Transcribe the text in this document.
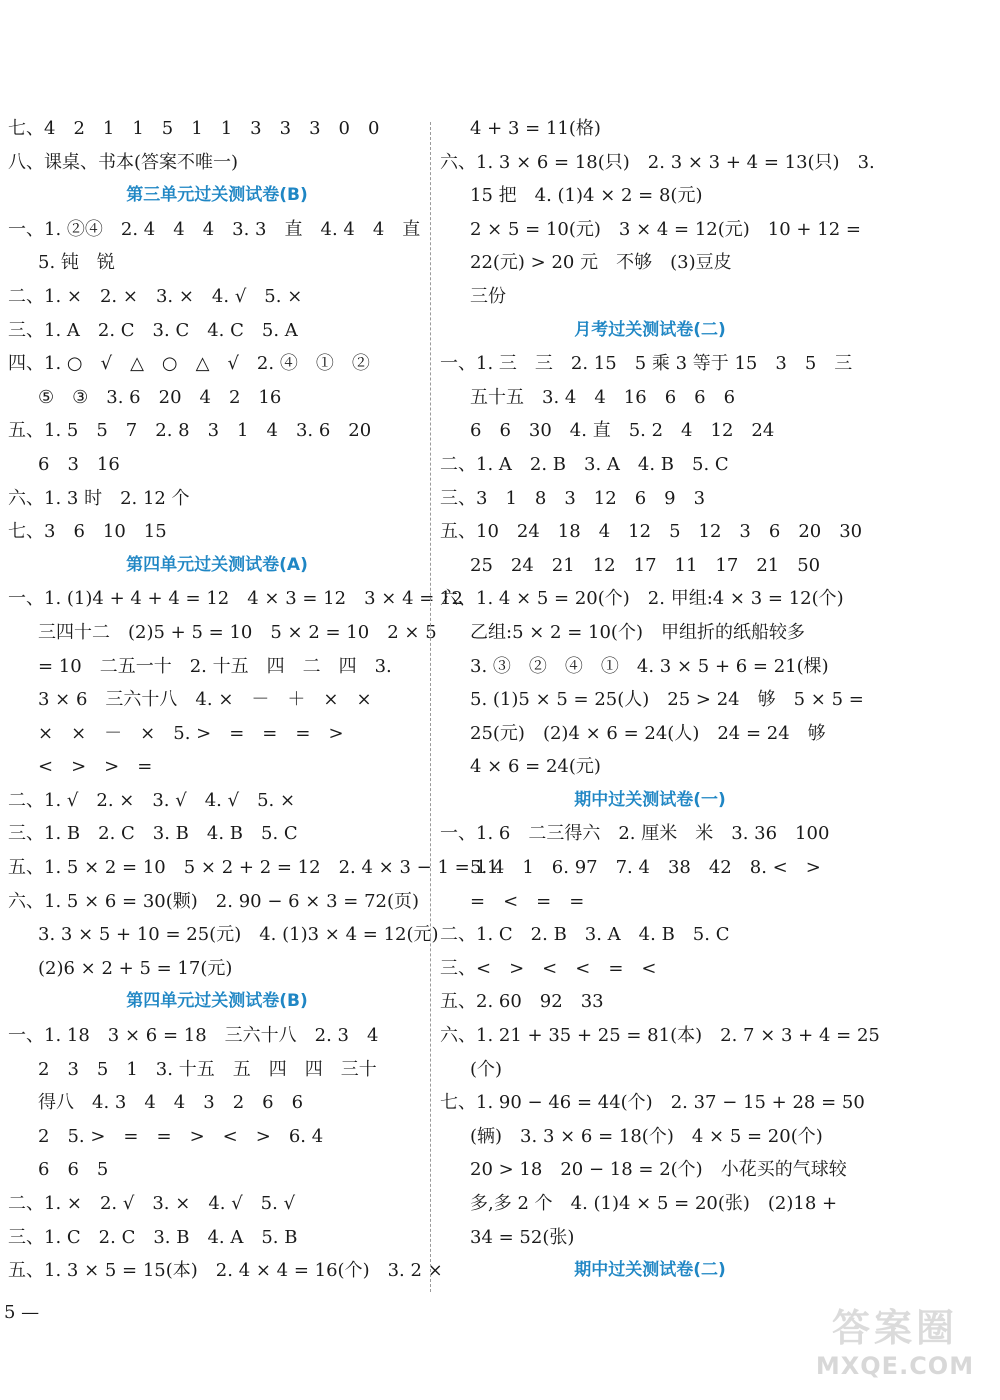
七、4　2　1　1　5　1　1　3　3　3　0　0
八、课桌、书本(答案不唯一)
第三单元过关测试卷(B)
一、1. ②④　2. 4　4　4　3. 3　直　4. 4　4　直
5. 钝　锐
二、1. ×　2. ×　3. ×　4. √　5. ×
三、1. A　2. C　3. C　4. C　5. A
四、1. ○　√　△　○　△　√　2. ④　①　②
⑤　③　3. 6　20　4　2　16
五、1. 5　5　7　2. 8　3　1　4　3. 6　20
6　3　16
六、1. 3 时　2. 12 个
七、3　6　10　15
第四单元过关测试卷(A)
一、1. (1)4 + 4 + 4 = 12　4 × 3 = 12　3 × 4 = 12
三四十二　(2)5 + 5 = 10　5 × 2 = 10　2 × 5
= 10　二五一十　2. 十五　四　二　四　3.
3 × 6　三六十八　4. ×　－　＋　×　×
×　×　－　×　5. >　=　=　=　>
<　>　>　=
二、1. √　2. ×　3. √　4. √　5. ×
三、1. B　2. C　3. B　4. B　5. C
五、1. 5 × 2 = 10　5 × 2 + 2 = 12　2. 4 × 3 − 1 = 11
六、1. 5 × 6 = 30(颗)　2. 90 − 6 × 3 = 72(页)
3. 3 × 5 + 10 = 25(元)　4. (1)3 × 4 = 12(元)
(2)6 × 2 + 5 = 17(元)
第四单元过关测试卷(B)
一、1. 18　3 × 6 = 18　三六十八　2. 3　4
2　3　5　1　3. 十五　五　四　四　三十
得八　4. 3　4　4　3　2　6　6
2　5. >　=　=　>　<　>　6. 4
6　6　5
二、1. ×　2. √　3. ×　4. √　5. √
三、1. C　2. C　3. B　4. A　5. B
五、1. 3 × 5 = 15(本)　2. 4 × 4 = 16(个)　3. 2 ×
4 + 3 = 11(格)
六、1. 3 × 6 = 18(只)　2. 3 × 3 + 4 = 13(只)　3.
15 把　4. (1)4 × 2 = 8(元)
2 × 5 = 10(元)　3 × 4 = 12(元)　10 + 12 =
22(元) > 20 元　不够　(3)豆皮
三份
月考过关测试卷(二)
一、1. 三　三　2. 15　5 乘 3 等于 15　3　5　三
五十五　3. 4　4　16　6　6　6
6　6　30　4. 直　5. 2　4　12　24
二、1. A　2. B　3. A　4. B　5. C
三、3　1　8　3　12　6　9　3
五、10　24　18　4　12　5　12　3　6　20　30
25　24　21　12　17　11　17　21　50
六、1. 4 × 5 = 20(个)　2. 甲组:4 × 3 = 12(个)
乙组:5 × 2 = 10(个)　甲组折的纸船较多
3. ③　②　④　①　4. 3 × 5 + 6 = 21(棵)
5. (1)5 × 5 = 25(人)　25 > 24　够　5 × 5 =
25(元)　(2)4 × 6 = 24(人)　24 = 24　够
4 × 6 = 24(元)
期中过关测试卷(一)
一、1. 6　二三得六　2. 厘米　米　3. 36　100
5. 4　1　6. 97　7. 4　38　42　8. <　>
=　<　=　=
二、1. C　2. B　3. A　4. B　5. C
三、<　>　<　<　=　<
五、2. 60　92　33
六、1. 21 + 35 + 25 = 81(本)　2. 7 × 3 + 4 = 25
(个)
七、1. 90 − 46 = 44(个)　2. 37 − 15 + 28 = 50
(辆)　3. 3 × 6 = 18(个)　4 × 5 = 20(个)
20 > 18　20 − 18 = 2(个)　小花买的气球较
多,多 2 个　4. (1)4 × 5 = 20(张)　(2)18 +
34 = 52(张)
期中过关测试卷(二)
5 —	答案圈
MXQE.COM
